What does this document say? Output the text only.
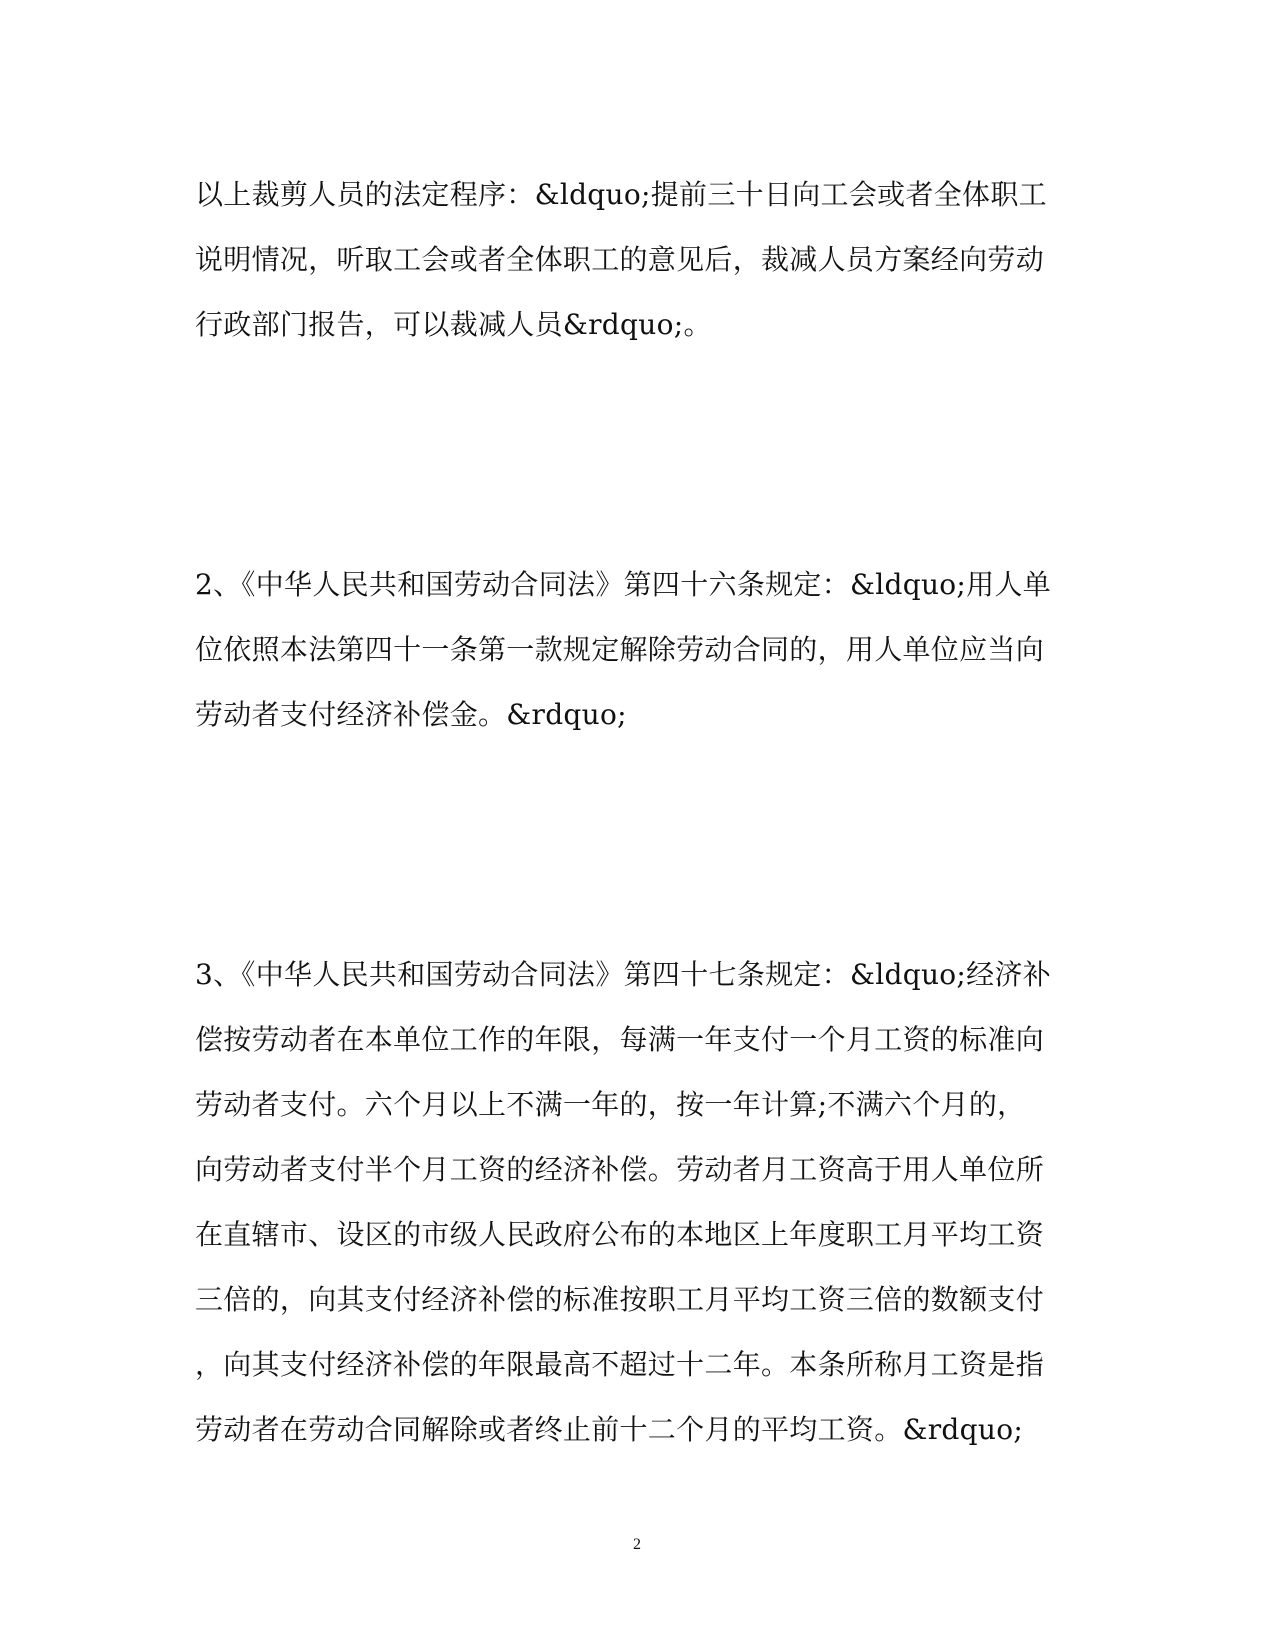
以上裁剪人员的法定程序：&ldquo;提前三十日向工会或者全体职工
说明情况，听取工会或者全体职工的意见后，裁减人员方案经向劳动
行政部门报告，可以裁减人员&rdquo;。
2、《中华人民共和国劳动合同法》第四十六条规定：&ldquo;用人单
位依照本法第四十一条第一款规定解除劳动合同的，用人单位应当向
劳动者支付经济补偿金。&rdquo;
3、《中华人民共和国劳动合同法》第四十七条规定：&ldquo;经济补
偿按劳动者在本单位工作的年限，每满一年支付一个月工资的标准向
劳动者支付。六个月以上不满一年的，按一年计算;不满六个月的，
向劳动者支付半个月工资的经济补偿。劳动者月工资高于用人单位所
在直辖市、设区的市级人民政府公布的本地区上年度职工月平均工资
三倍的，向其支付经济补偿的标准按职工月平均工资三倍的数额支付
，向其支付经济补偿的年限最高不超过十二年。本条所称月工资是指
劳动者在劳动合同解除或者终止前十二个月的平均工资。&rdquo;
2
